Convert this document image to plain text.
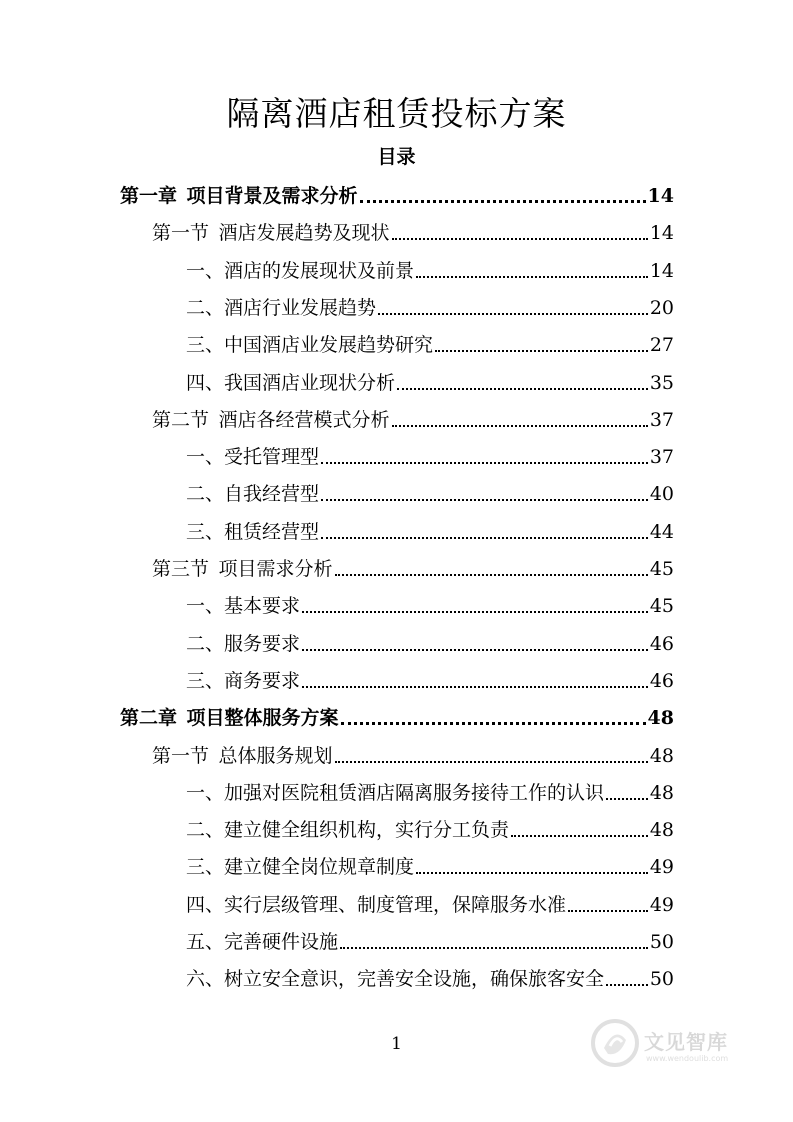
隔离酒店租赁投标方案
目录
第一章 项目背景及需求分析	14
第一节 酒店发展趋势及现状	14
一、酒店的发展现状及前景	14
二、酒店行业发展趋势	20
三、中国酒店业发展趋势研究	27
四、我国酒店业现状分析	35
第二节 酒店各经营模式分析	37
一、受托管理型	37
二、自我经营型	40
三、租赁经营型	44
第三节 项目需求分析	45
一、基本要求	45
二、服务要求	46
三、商务要求	46
第二章 项目整体服务方案	48
第一节 总体服务规划	48
一、加强对医院租赁酒店隔离服务接待工作的认识 48
二、建立健全组织机构，实行分工负责	48
三、建立健全岗位规章制度	49
四、实行层级管理、制度管理，保障服务水准	49
五、完善硬件设施	50
六、树立安全意识，完善安全设施，确保旅客安全 50
1	文见智库
www.wendoulib.com
